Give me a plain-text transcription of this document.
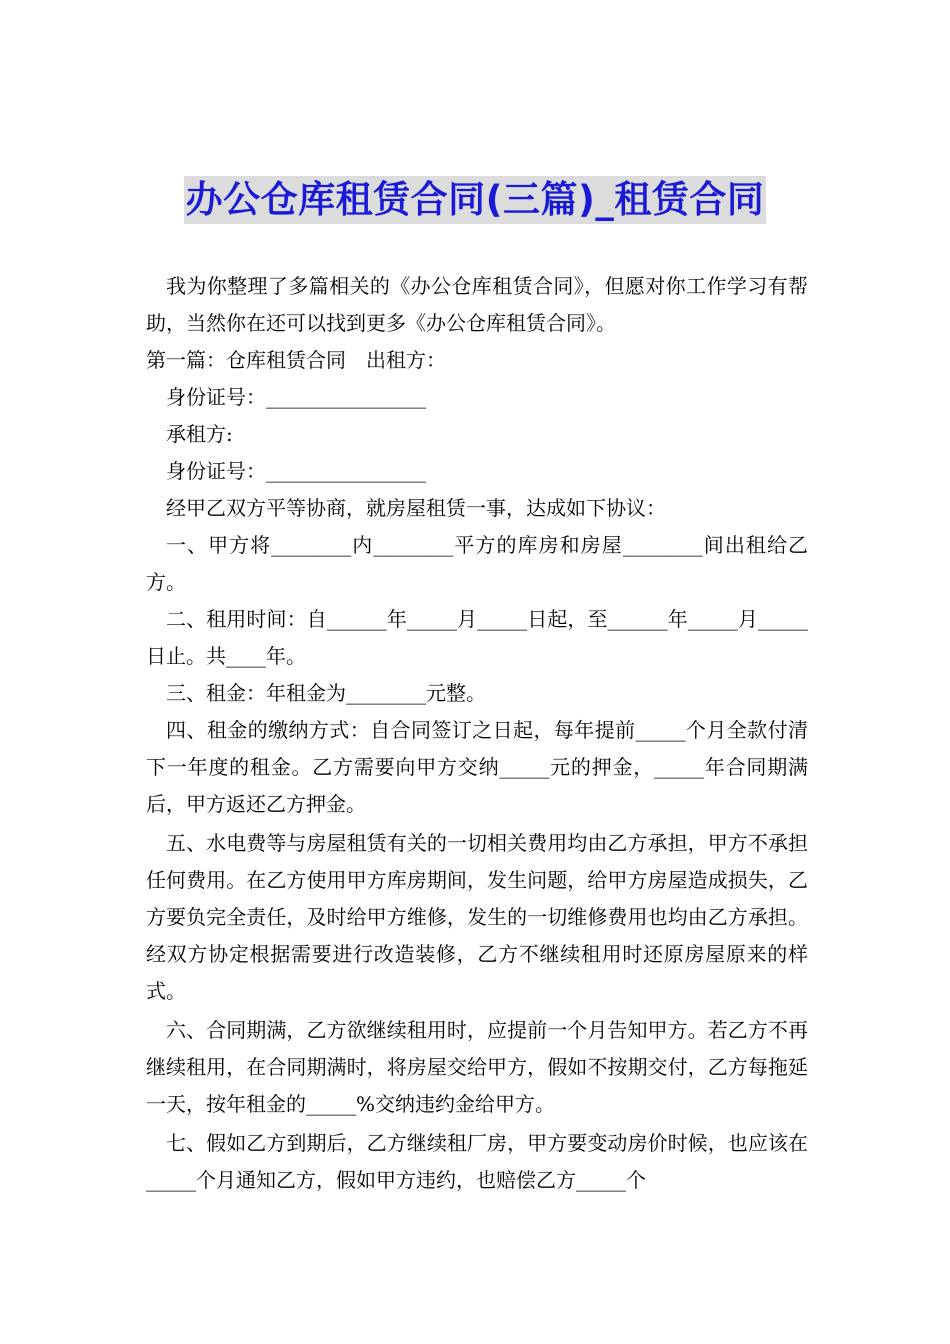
办公仓库租赁合同(三篇)_租赁合同

我为你整理了多篇相关的《办公仓库租赁合同》，但愿对你工作学习有帮助，当然你在还可以找到更多《办公仓库租赁合同》。

第一篇：仓库租赁合同　出租方：

身份证号：________________

承租方:

身份证号：________________

经甲乙双方平等协商，就房屋租赁一事，达成如下协议：

一、甲方将________内________平方的库房和房屋________间出租给乙方。

二、租用时间：自______年_____月_____日起，至______年_____月_____日止。共____年。

三、租金：年租金为________元整。

四、租金的缴纳方式：自合同签订之日起，每年提前_____个月全款付清下一年度的租金。乙方需要向甲方交纳_____元的押金，_____年合同期满后，甲方返还乙方押金。

五、水电费等与房屋租赁有关的一切相关费用均由乙方承担，甲方不承担任何费用。在乙方使用甲方库房期间，发生问题，给甲方房屋造成损失，乙方要负完全责任，及时给甲方维修，发生的一切维修费用也均由乙方承担。经双方协定根据需要进行改造装修，乙方不继续租用时还原房屋原来的样式。

六、合同期满，乙方欲继续租用时，应提前一个月告知甲方。若乙方不再继续租用，在合同期满时，将房屋交给甲方，假如不按期交付，乙方每拖延一天，按年租金的_____%交纳违约金给甲方。

七、假如乙方到期后，乙方继续租厂房，甲方要变动房价时候，也应该在_____个月通知乙方，假如甲方违约，也赔偿乙方_____个
